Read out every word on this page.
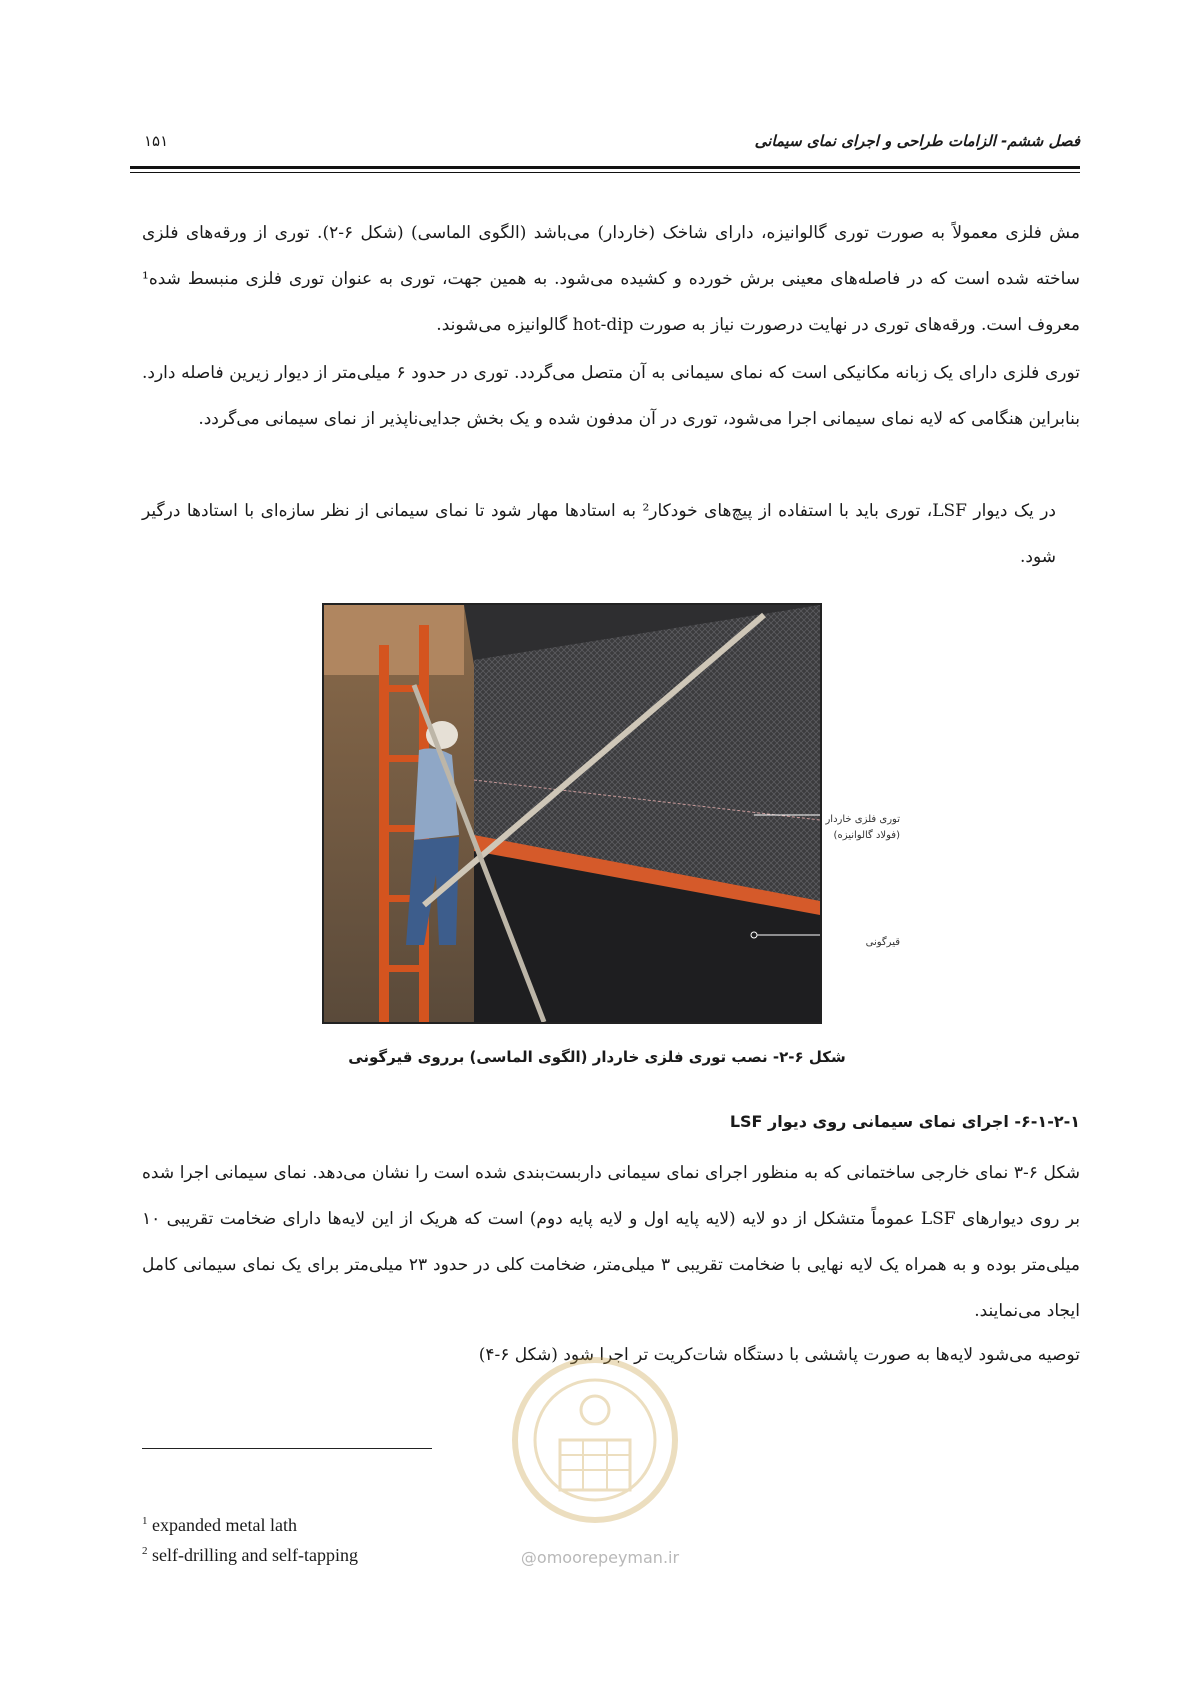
فصل ششم- الزامات طراحی و اجرای نمای سیمانی
۱۵۱

مش فلزی معمولاً به صورت توری گالوانیزه، دارای شاخک (خاردار) می‌باشد (الگوی الماسی) (شکل ۶-۲). توری از ورقه‌های فلزی ساخته شده است که در فاصله‌های معینی برش خورده و کشیده می‌شود. به همین جهت، توری به عنوان توری فلزی منبسط شده¹ معروف است. ورقه‌های توری در نهایت درصورت نیاز به صورت hot-dip گالوانیزه می‌شوند.

توری فلزی دارای یک زبانه مکانیکی است که نمای سیمانی به آن متصل می‌گردد. توری در حدود ۶ میلی‌متر از دیوار زیرین فاصله دارد. بنابراین هنگامی که لایه نمای سیمانی اجرا می‌شود، توری در آن مدفون شده و یک بخش جدایی‌ناپذیر از نمای سیمانی می‌گردد.

در یک دیوار LSF، توری باید با استفاده از پیچ‌های خودکار² به استادها مهار شود تا نمای سیمانی از نظر سازه‌ای با استادها درگیر شود.

توری فلزی خاردار (فولاد گالوانیزه)
قیرگونی
شکل ۶-۲- نصب توری فلزی خاردار (الگوی الماسی) برروی قیرگونی
۶-۱-۲-۱- اجرای نمای سیمانی روی دیوار LSF

شکل ۶-۳ نمای خارجی ساختمانی که به منظور اجرای نمای سیمانی داربست‌بندی شده است را نشان می‌دهد. نمای سیمانی اجرا شده بر روی دیوارهای LSF عموماً متشکل از دو لایه (لایه پایه اول و لایه پایه دوم) است که هریک از این لایه‌ها دارای ضخامت تقریبی ۱۰ میلی‌متر بوده و به همراه یک لایه نهایی با ضخامت تقریبی ۳ میلی‌متر، ضخامت کلی در حدود ۲۳ میلی‌متر برای یک نمای سیمانی کامل ایجاد می‌نمایند.

توصیه می‌شود لایه‌ها به صورت پاششی با دستگاه شات‌کریت تر اجرا شود (شکل ۶-۴)

@omoorepeyman.ir
$^1$ expanded metal lath
$^2$ self-drilling and self-tapping
